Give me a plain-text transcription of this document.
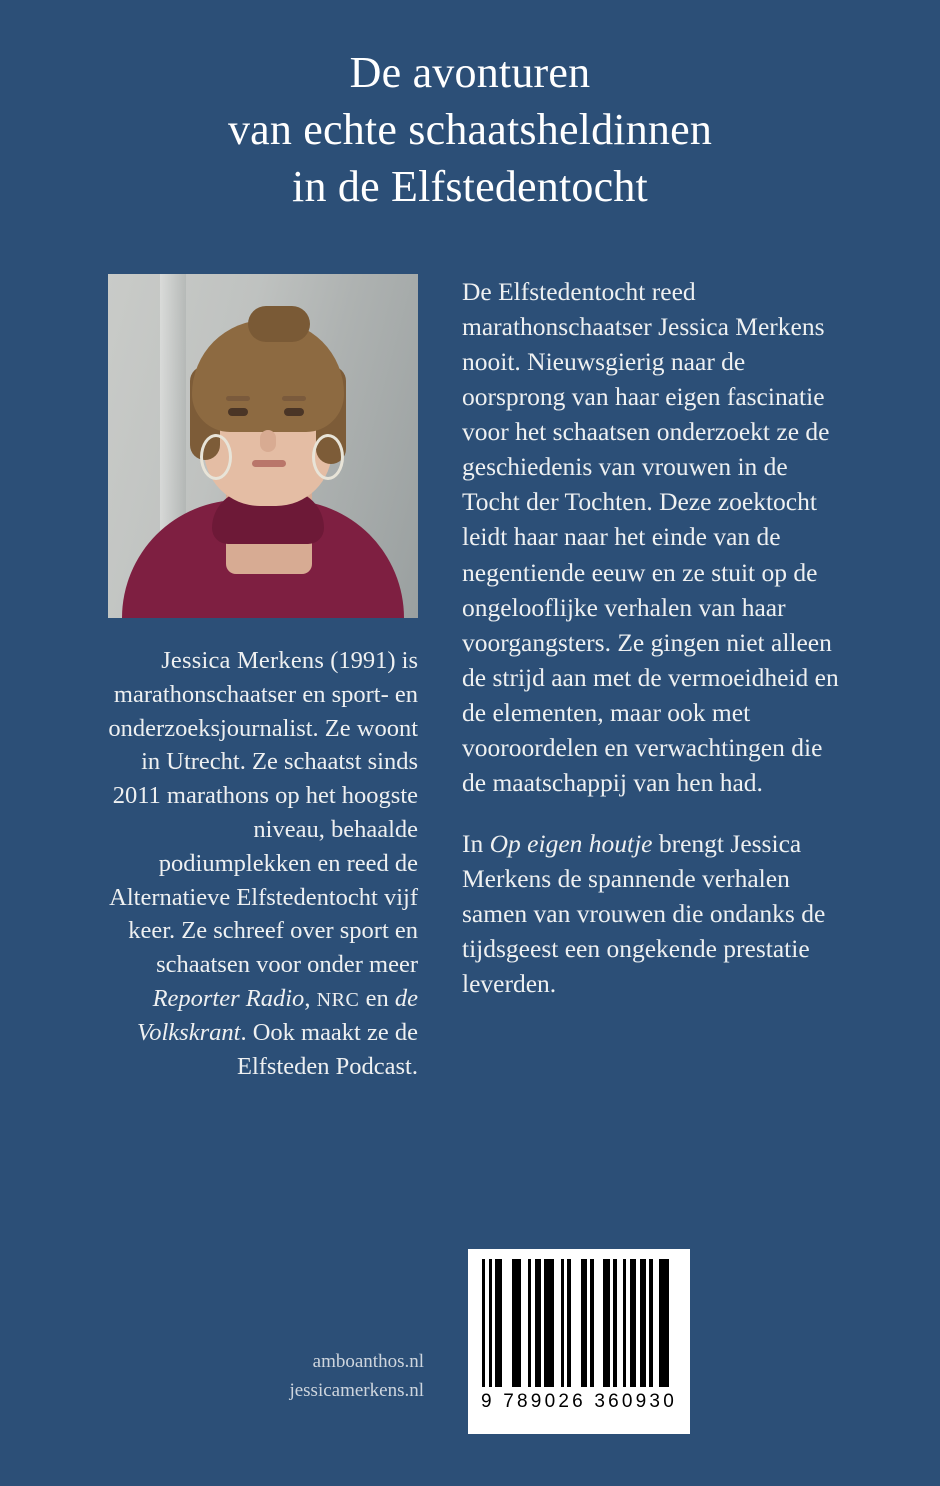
De avonturen
van echte schaatsheldinnen
in de Elfstedentocht
Jessica Merkens (1991) is marathonschaatser en sport- en onderzoeksjournalist. Ze woont in Utrecht. Ze schaatst sinds 2011 marathons op het hoogste niveau, behaalde podiumplekken en reed de Alternatieve Elfstedentocht vijf keer. Ze schreef over sport en schaatsen voor onder meer Reporter Radio, NRC en de Volkskrant. Ook maakt ze de Elfsteden Podcast.

De Elfstedentocht reed marathonschaatser Jessica Merkens nooit. Nieuwsgierig naar de oorsprong van haar eigen fascinatie voor het schaatsen onderzoekt ze de geschiedenis van vrouwen in de Tocht der Tochten. Deze zoektocht leidt haar naar het einde van de negentiende eeuw en ze stuit op de ongelooflijke verhalen van haar voorgangsters. Ze gingen niet alleen de strijd aan met de vermoeidheid en de elementen, maar ook met vooroordelen en verwachtingen die de maatschappij van hen had.

In Op eigen houtje brengt Jessica Merkens de spannende verhalen samen van vrouwen die ondanks de tijdsgeest een ongekende prestatie leverden.

amboanthos.nl
jessicamerkens.nl
9 789026 360930
